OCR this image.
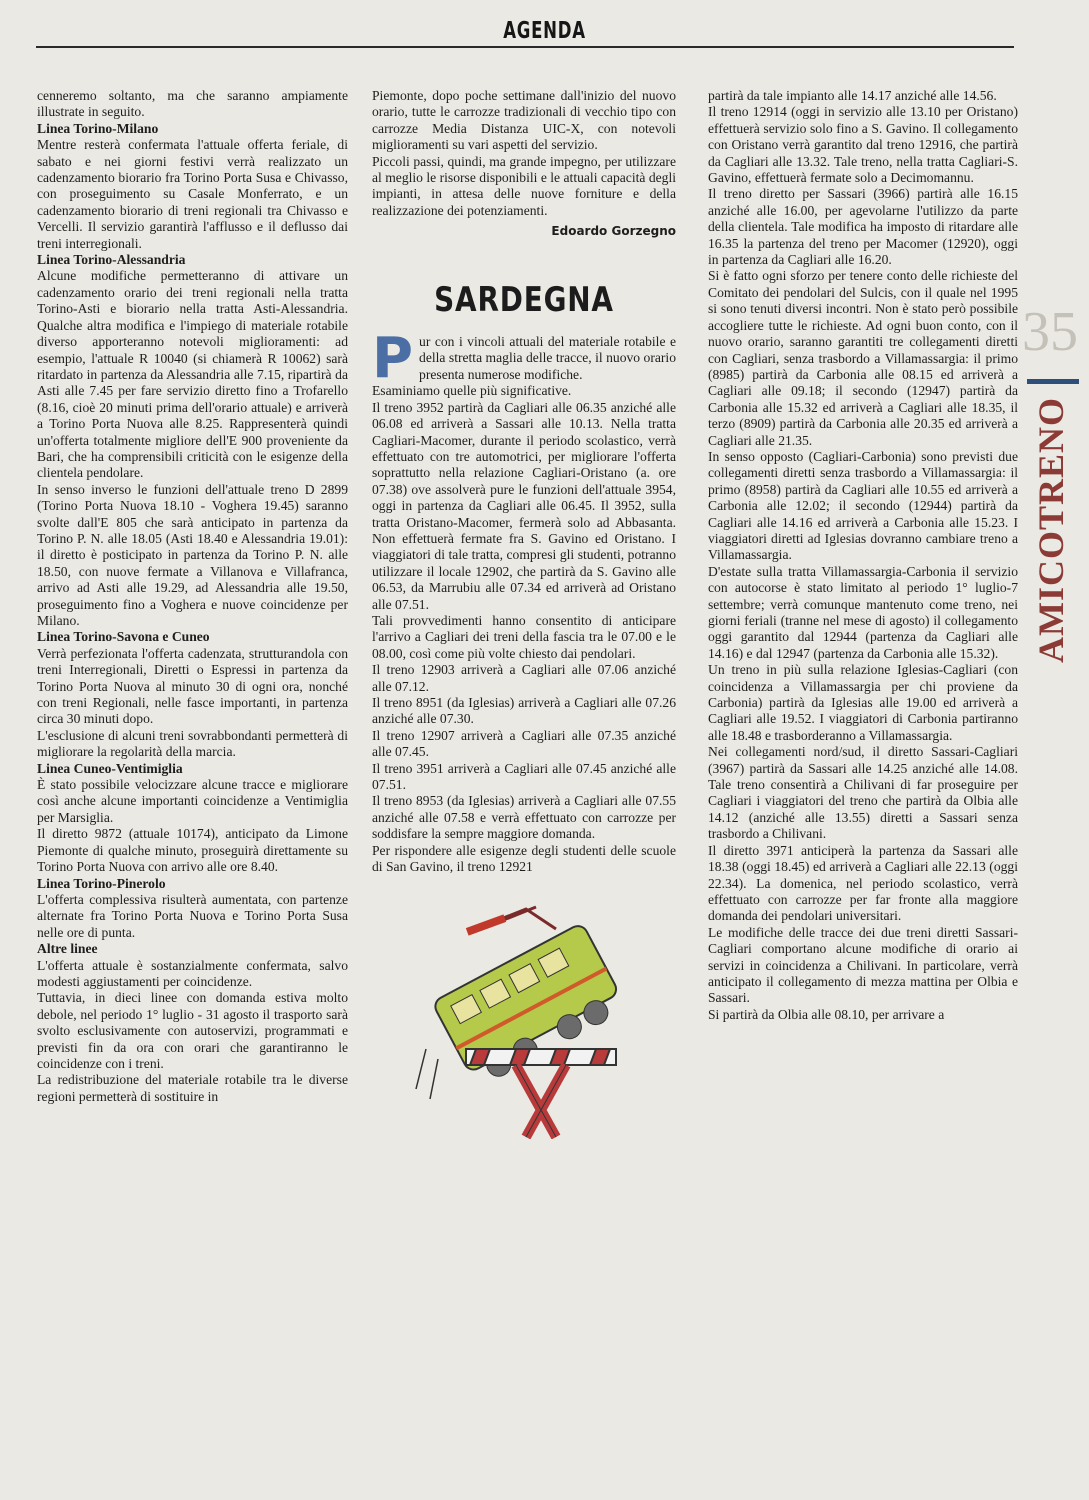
AGENDA

cenneremo soltanto, ma che saranno ampiamente illustrate in seguito.

Linea Torino-Milano

Mentre resterà confermata l'attuale offerta feriale, di sabato e nei giorni festivi verrà realizzato un cadenzamento biorario fra Torino Porta Susa e Chivasso, con proseguimento su Casale Monferrato, e un cadenzamento biorario di treni regionali tra Chivasso e Vercelli. Il servizio garantirà l'afflusso e il deflusso dai treni interregionali.

Linea Torino-Alessandria

Alcune modifiche permetteranno di attivare un cadenzamento orario dei treni regionali nella tratta Torino-Asti e biorario nella tratta Asti-Alessandria. Qualche altra modifica e l'impiego di materiale rotabile diverso apporteranno notevoli miglioramenti: ad esempio, l'attuale R 10040 (si chiamerà R 10062) sarà ritardato in partenza da Alessandria alle 7.15, ripartirà da Asti alle 7.45 per fare servizio diretto fino a Trofarello (8.16, cioè 20 minuti prima dell'orario attuale) e arriverà a Torino Porta Nuova alle 8.25. Rappresenterà quindi un'offerta totalmente migliore dell'E 900 proveniente da Bari, che ha comprensibili criticità con le esigenze della clientela pendolare.

In senso inverso le funzioni dell'attuale treno D 2899 (Torino Porta Nuova 18.10 - Voghera 19.45) saranno svolte dall'E 805 che sarà anticipato in partenza da Torino P. N. alle 18.05 (Asti 18.40 e Alessandria 19.01): il diretto è posticipato in partenza da Torino P. N. alle 18.50, con nuove fermate a Villanova e Villafranca, arrivo ad Asti alle 19.29, ad Alessandria alle 19.50, proseguimento fino a Voghera e nuove coincidenze per Milano.

Linea Torino-Savona e Cuneo

Verrà perfezionata l'offerta cadenzata, strutturandola con treni Interregionali, Diretti o Espressi in partenza da Torino Porta Nuova al minuto 30 di ogni ora, nonché con treni Regionali, nelle fasce importanti, in partenza circa 30 minuti dopo.

L'esclusione di alcuni treni sovrabbondanti permetterà di migliorare la regolarità della marcia.

Linea Cuneo-Ventimiglia

È stato possibile velocizzare alcune tracce e migliorare così anche alcune importanti coincidenze a Ventimiglia per Marsiglia.

Il diretto 9872 (attuale 10174), anticipato da Limone Piemonte di qualche minuto, proseguirà direttamente su Torino Porta Nuova con arrivo alle ore 8.40.

Linea Torino-Pinerolo

L'offerta complessiva risulterà aumentata, con partenze alternate fra Torino Porta Nuova e Torino Porta Susa nelle ore di punta.

Altre linee

L'offerta attuale è sostanzialmente confermata, salvo modesti aggiustamenti per coincidenze.

Tuttavia, in dieci linee con domanda estiva molto debole, nel periodo 1° luglio - 31 agosto il trasporto sarà svolto esclusivamente con autoservizi, programmati e previsti fin da ora con orari che garantiranno le coincidenze con i treni.

La redistribuzione del materiale rotabile tra le diverse regioni permetterà di sostituire in

Piemonte, dopo poche settimane dall'inizio del nuovo orario, tutte le carrozze tradizionali di vecchio tipo con carrozze Media Distanza UIC-X, con notevoli miglioramenti su vari aspetti del servizio.

Piccoli passi, quindi, ma grande impegno, per utilizzare al meglio le risorse disponibili e le attuali capacità degli impianti, in attesa delle nuove forniture e della realizzazione dei potenziamenti.

Edoardo Gorzegno

SARDEGNA

Pur con i vincoli attuali del materiale rotabile e della stretta maglia delle tracce, il nuovo orario presenta numerose modifiche.

Esaminiamo quelle più significative.

Il treno 3952 partirà da Cagliari alle 06.35 anziché alle 06.08 ed arriverà a Sassari alle 10.13. Nella tratta Cagliari-Macomer, durante il periodo scolastico, verrà effettuato con tre automotrici, per migliorare l'offerta soprattutto nella relazione Cagliari-Oristano (a. ore 07.38) ove assolverà pure le funzioni dell'attuale 3954, oggi in partenza da Cagliari alle 06.45. Il 3952, sulla tratta Oristano-Macomer, fermerà solo ad Abbasanta. Non effettuerà fermate fra S. Gavino ed Oristano. I viaggiatori di tale tratta, compresi gli studenti, potranno utilizzare il locale 12902, che partirà da S. Gavino alle 06.53, da Marrubiu alle 07.34 ed arriverà ad Oristano alle 07.51.

Tali provvedimenti hanno consentito di anticipare l'arrivo a Cagliari dei treni della fascia tra le 07.00 e le 08.00, così come più volte chiesto dai pendolari.

Il treno 12903 arriverà a Cagliari alle 07.06 anziché alle 07.12.

Il treno 8951 (da Iglesias) arriverà a Cagliari alle 07.26 anziché alle 07.30.

Il treno 12907 arriverà a Cagliari alle 07.35 anziché alle 07.45.

Il treno 3951 arriverà a Cagliari alle 07.45 anziché alle 07.51.

Il treno 8953 (da Iglesias) arriverà a Cagliari alle 07.55 anziché alle 07.58 e verrà effettuato con carrozze per soddisfare la sempre maggiore domanda.

Per rispondere alle esigenze degli studenti delle scuole di San Gavino, il treno 12921

partirà da tale impianto alle 14.17 anziché alle 14.56.

Il treno 12914 (oggi in servizio alle 13.10 per Oristano) effettuerà servizio solo fino a S. Gavino. Il collegamento con Oristano verrà garantito dal treno 12916, che partirà da Cagliari alle 13.32. Tale treno, nella tratta Cagliari-S. Gavino, effettuerà fermate solo a Decimomannu.

Il treno diretto per Sassari (3966) partirà alle 16.15 anziché alle 16.00, per agevolarne l'utilizzo da parte della clientela. Tale modifica ha imposto di ritardare alle 16.35 la partenza del treno per Macomer (12920), oggi in partenza da Cagliari alle 16.20.

Si è fatto ogni sforzo per tenere conto delle richieste del Comitato dei pendolari del Sulcis, con il quale nel 1995 si sono tenuti diversi incontri. Non è stato però possibile accogliere tutte le richieste. Ad ogni buon conto, con il nuovo orario, saranno garantiti tre collegamenti diretti con Cagliari, senza trasbordo a Villamassargia: il primo (8985) partirà da Carbonia alle 08.15 ed arriverà a Cagliari alle 09.18; il secondo (12947) partirà da Carbonia alle 15.32 ed arriverà a Cagliari alle 18.35, il terzo (8909) partirà da Carbonia alle 20.35 ed arriverà a Cagliari alle 21.35.

In senso opposto (Cagliari-Carbonia) sono previsti due collegamenti diretti senza trasbordo a Villamassargia: il primo (8958) partirà da Cagliari alle 10.55 ed arriverà a Carbonia alle 12.02; il secondo (12944) partirà da Cagliari alle 14.16 ed arriverà a Carbonia alle 15.23. I viaggiatori diretti ad Iglesias dovranno cambiare treno a Villamassargia.

D'estate sulla tratta Villamassargia-Carbonia il servizio con autocorse è stato limitato al periodo 1° luglio-7 settembre; verrà comunque mantenuto come treno, nei giorni feriali (tranne nel mese di agosto) il collegamento oggi garantito dal 12944 (partenza da Cagliari alle 14.16) e dal 12947 (partenza da Carbonia alle 15.32).

Un treno in più sulla relazione Iglesias-Cagliari (con coincidenza a Villamassargia per chi proviene da Carbonia) partirà da Iglesias alle 19.00 ed arriverà a Cagliari alle 19.52. I viaggiatori di Carbonia partiranno alle 18.48 e trasborderanno a Villamassargia.

Nei collegamenti nord/sud, il diretto Sassari-Cagliari (3967) partirà da Sassari alle 14.25 anziché alle 14.08. Tale treno consentirà a Chilivani di far proseguire per Cagliari i viaggiatori del treno che partirà da Olbia alle 14.12 (anziché alle 13.55) diretti a Sassari senza trasbordo a Chilivani.

Il diretto 3971 anticiperà la partenza da Sassari alle 18.38 (oggi 18.45) ed arriverà a Cagliari alle 22.13 (oggi 22.34). La domenica, nel periodo scolastico, verrà effettuato con carrozze per far fronte alla maggiore domanda dei pendolari universitari.

Le modifiche delle tracce dei due treni diretti Sassari-Cagliari comportano alcune modifiche di orario ai servizi in coincidenza a Chilivani. In particolare, verrà anticipato il collegamento di mezza mattina per Olbia e Sassari.

Si partirà da Olbia alle 08.10, per arrivare a

35
AMICOTRENO
